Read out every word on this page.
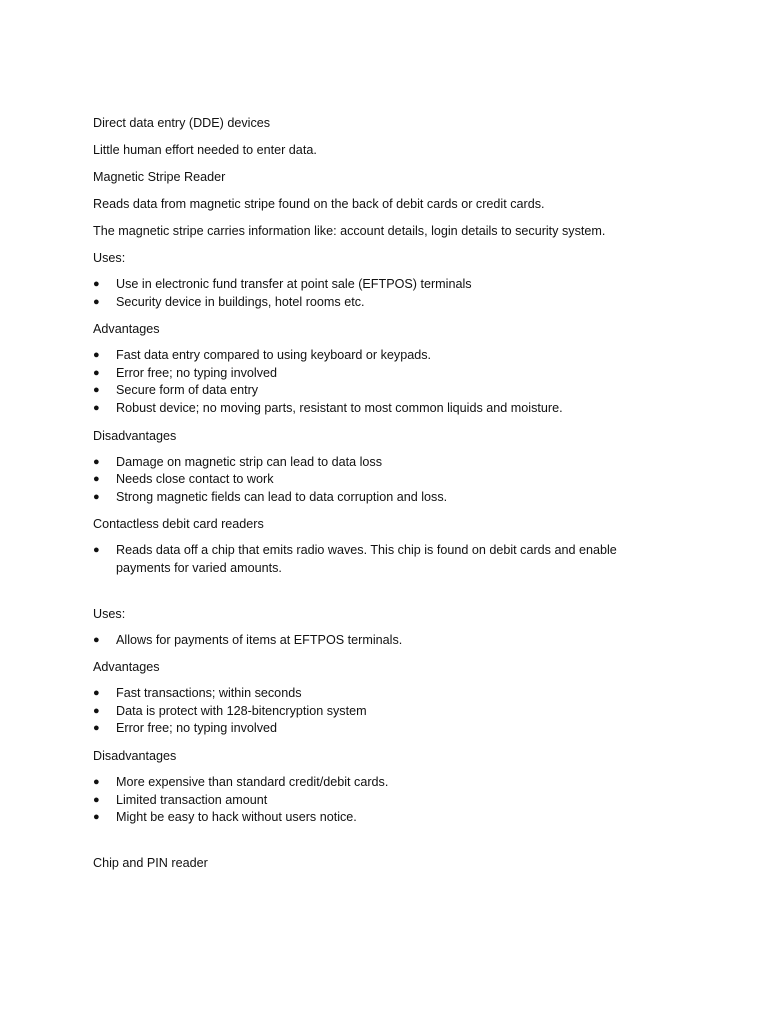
Direct data entry (DDE) devices

Little human effort needed to enter data.

Magnetic Stripe Reader

Reads data from magnetic stripe found on the back of debit cards or credit cards.

The magnetic stripe carries information like: account details, login details to security system.

Uses:

● Use in electronic fund transfer at point sale (EFTPOS) terminals
● Security device in buildings, hotel rooms etc.

Advantages

● Fast data entry compared to using keyboard or keypads.
● Error free; no typing involved
● Secure form of data entry
● Robust device; no moving parts, resistant to most common liquids and moisture.

Disadvantages

● Damage on magnetic strip can lead to data loss
● Needs close contact to work
● Strong magnetic fields can lead to data corruption and loss.

Contactless debit card readers

● Reads data off a chip that emits radio waves. This chip is found on debit cards and enable payments for varied amounts.

Uses:

● Allows for payments of items at EFTPOS terminals.

Advantages

● Fast transactions; within seconds
● Data is protect with 128-bitencryption system
● Error free; no typing involved

Disadvantages

● More expensive than standard credit/debit cards.
● Limited transaction amount
● Might be easy to hack without users notice.

Chip and PIN reader
